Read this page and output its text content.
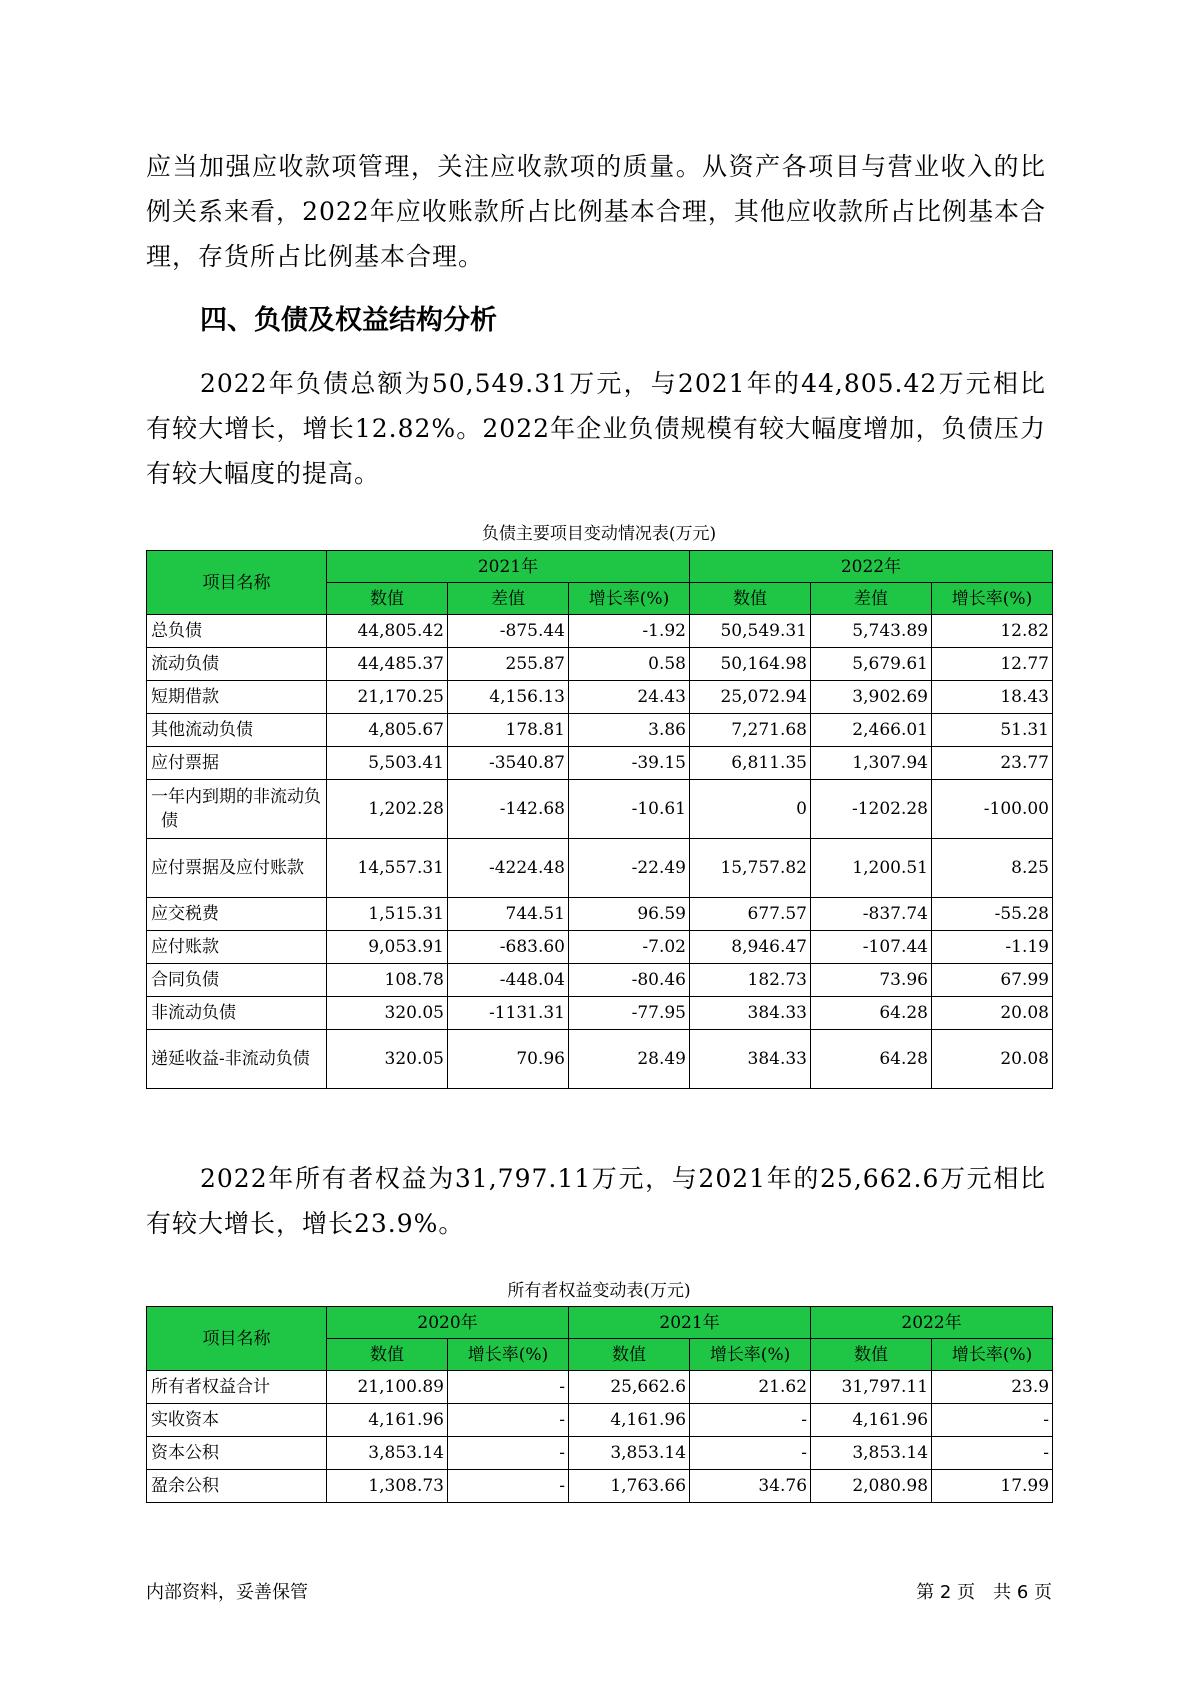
应当加强应收款项管理，关注应收款项的质量。从资产各项目与营业收入的比例关系来看，2022年应收账款所占比例基本合理，其他应收款所占比例基本合理，存货所占比例基本合理。

四、负债及权益结构分析

2022年负债总额为50,549.31万元，与2021年的44,805.42万元相比有较大增长，增长12.82%。2022年企业负债规模有较大幅度增加，负债压力有较大幅度的提高。

负债主要项目变动情况表(万元)
项目名称	2021年			2022年		
	数值	差值	增长率(%)	数值	差值	增长率(%)
总负债	44,805.42	-875.44	-1.92	50,549.31	5,743.89	12.82
流动负债	44,485.37	255.87	0.58	50,164.98	5,679.61	12.77
短期借款	21,170.25	4,156.13	24.43	25,072.94	3,902.69	18.43
其他流动负债	4,805.67	178.81	3.86	7,271.68	2,466.01	51.31
应付票据	5,503.41	-3540.87	-39.15	6,811.35	1,307.94	23.77
一年内到期的非流动负债	1,202.28	-142.68	-10.61	0	-1202.28	-100.00
应付票据及应付账款	14,557.31	-4224.48	-22.49	15,757.82	1,200.51	8.25
应交税费	1,515.31	744.51	96.59	677.57	-837.74	-55.28
应付账款	9,053.91	-683.60	-7.02	8,946.47	-107.44	-1.19
合同负债	108.78	-448.04	-80.46	182.73	73.96	67.99
非流动负债	320.05	-1131.31	-77.95	384.33	64.28	20.08
递延收益-非流动负债	320.05	70.96	28.49	384.33	64.28	20.08

2022年所有者权益为31,797.11万元，与2021年的25,662.6万元相比有较大增长，增长23.9%。

所有者权益变动表(万元)
项目名称	2020年		2021年		2022年	
	数值	增长率(%)	数值	增长率(%)	数值	增长率(%)
所有者权益合计	21,100.89	-	25,662.6	21.62	31,797.11	23.9
实收资本	4,161.96	-	4,161.96	-	4,161.96	-
资本公积	3,853.14	-	3,853.14	-	3,853.14	-
盈余公积	1,308.73	-	1,763.66	34.76	2,080.98	17.99
内部资料，妥善保管	第 2 页　共 6 页
